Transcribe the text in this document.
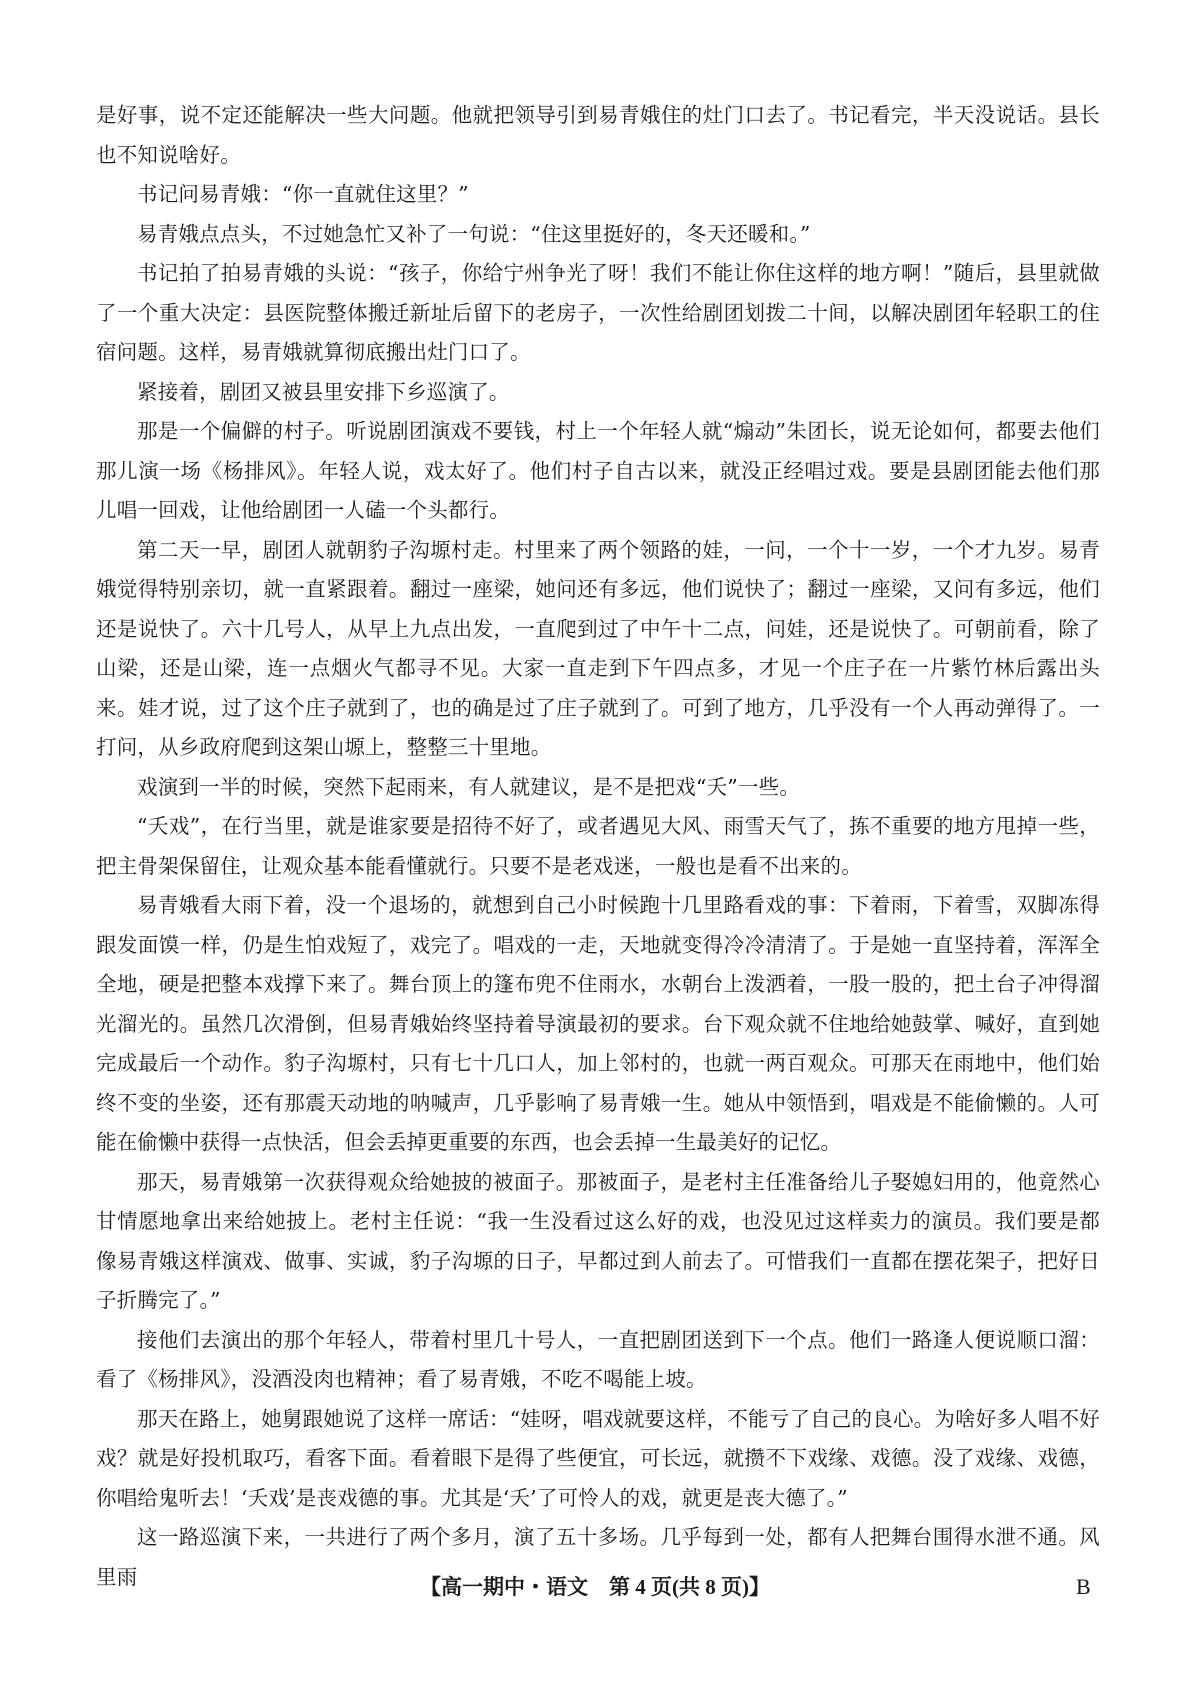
是好事，说不定还能解决一些大问题。他就把领导引到易青娥住的灶门口去了。书记看完，半天没说话。县长也不知说啥好。

书记问易青娥：“你一直就住这里？”

易青娥点点头，不过她急忙又补了一句说：“住这里挺好的，冬天还暖和。”

书记拍了拍易青娥的头说：“孩子，你给宁州争光了呀！我们不能让你住这样的地方啊！”随后，县里就做了一个重大决定：县医院整体搬迁新址后留下的老房子，一次性给剧团划拨二十间，以解决剧团年轻职工的住宿问题。这样，易青娥就算彻底搬出灶门口了。

紧接着，剧团又被县里安排下乡巡演了。

那是一个偏僻的村子。听说剧团演戏不要钱，村上一个年轻人就“煽动”朱团长，说无论如何，都要去他们那儿演一场《杨排风》。年轻人说，戏太好了。他们村子自古以来，就没正经唱过戏。要是县剧团能去他们那儿唱一回戏，让他给剧团一人磕一个头都行。

第二天一早，剧团人就朝豹子沟塬村走。村里来了两个领路的娃，一问，一个十一岁，一个才九岁。易青娥觉得特别亲切，就一直紧跟着。翻过一座梁，她问还有多远，他们说快了；翻过一座梁，又问有多远，他们还是说快了。六十几号人，从早上九点出发，一直爬到过了中午十二点，问娃，还是说快了。可朝前看，除了山梁，还是山梁，连一点烟火气都寻不见。大家一直走到下午四点多，才见一个庄子在一片紫竹林后露出头来。娃才说，过了这个庄子就到了，也的确是过了庄子就到了。可到了地方，几乎没有一个人再动弹得了。一打问，从乡政府爬到这架山塬上，整整三十里地。

戏演到一半的时候，突然下起雨来，有人就建议，是不是把戏“夭”一些。

“夭戏”，在行当里，就是谁家要是招待不好了，或者遇见大风、雨雪天气了，拣不重要的地方甩掉一些，把主骨架保留住，让观众基本能看懂就行。只要不是老戏迷，一般也是看不出来的。

易青娥看大雨下着，没一个退场的，就想到自己小时候跑十几里路看戏的事：下着雨，下着雪，双脚冻得跟发面馍一样，仍是生怕戏短了，戏完了。唱戏的一走，天地就变得冷冷清清了。于是她一直坚持着，浑浑全全地，硬是把整本戏撑下来了。舞台顶上的篷布兜不住雨水，水朝台上泼洒着，一股一股的，把土台子冲得溜光溜光的。虽然几次滑倒，但易青娥始终坚持着导演最初的要求。台下观众就不住地给她鼓掌、喊好，直到她完成最后一个动作。豹子沟塬村，只有七十几口人，加上邻村的，也就一两百观众。可那天在雨地中，他们始终不变的坐姿，还有那震天动地的呐喊声，几乎影响了易青娥一生。她从中领悟到，唱戏是不能偷懒的。人可能在偷懒中获得一点快活，但会丢掉更重要的东西，也会丢掉一生最美好的记忆。

那天，易青娥第一次获得观众给她披的被面子。那被面子，是老村主任准备给儿子娶媳妇用的，他竟然心甘情愿地拿出来给她披上。老村主任说：“我一生没看过这么好的戏，也没见过这样卖力的演员。我们要是都像易青娥这样演戏、做事、实诚，豹子沟塬的日子，早都过到人前去了。可惜我们一直都在摆花架子，把好日子折腾完了。”

接他们去演出的那个年轻人，带着村里几十号人，一直把剧团送到下一个点。他们一路逢人便说顺口溜：看了《杨排风》，没酒没肉也精神；看了易青娥，不吃不喝能上坡。

那天在路上，她舅跟她说了这样一席话：“娃呀，唱戏就要这样，不能亏了自己的良心。为啥好多人唱不好戏？就是好投机取巧，看客下面。看着眼下是得了些便宜，可长远，就攒不下戏缘、戏德。没了戏缘、戏德，你唱给鬼听去！‘夭戏’是丧戏德的事。尤其是‘夭’了可怜人的戏，就更是丧大德了。”

这一路巡演下来，一共进行了两个多月，演了五十多场。几乎每到一处，都有人把舞台围得水泄不通。风里雨	【高一期中・语文　第 4 页(共 8 页)】	B
